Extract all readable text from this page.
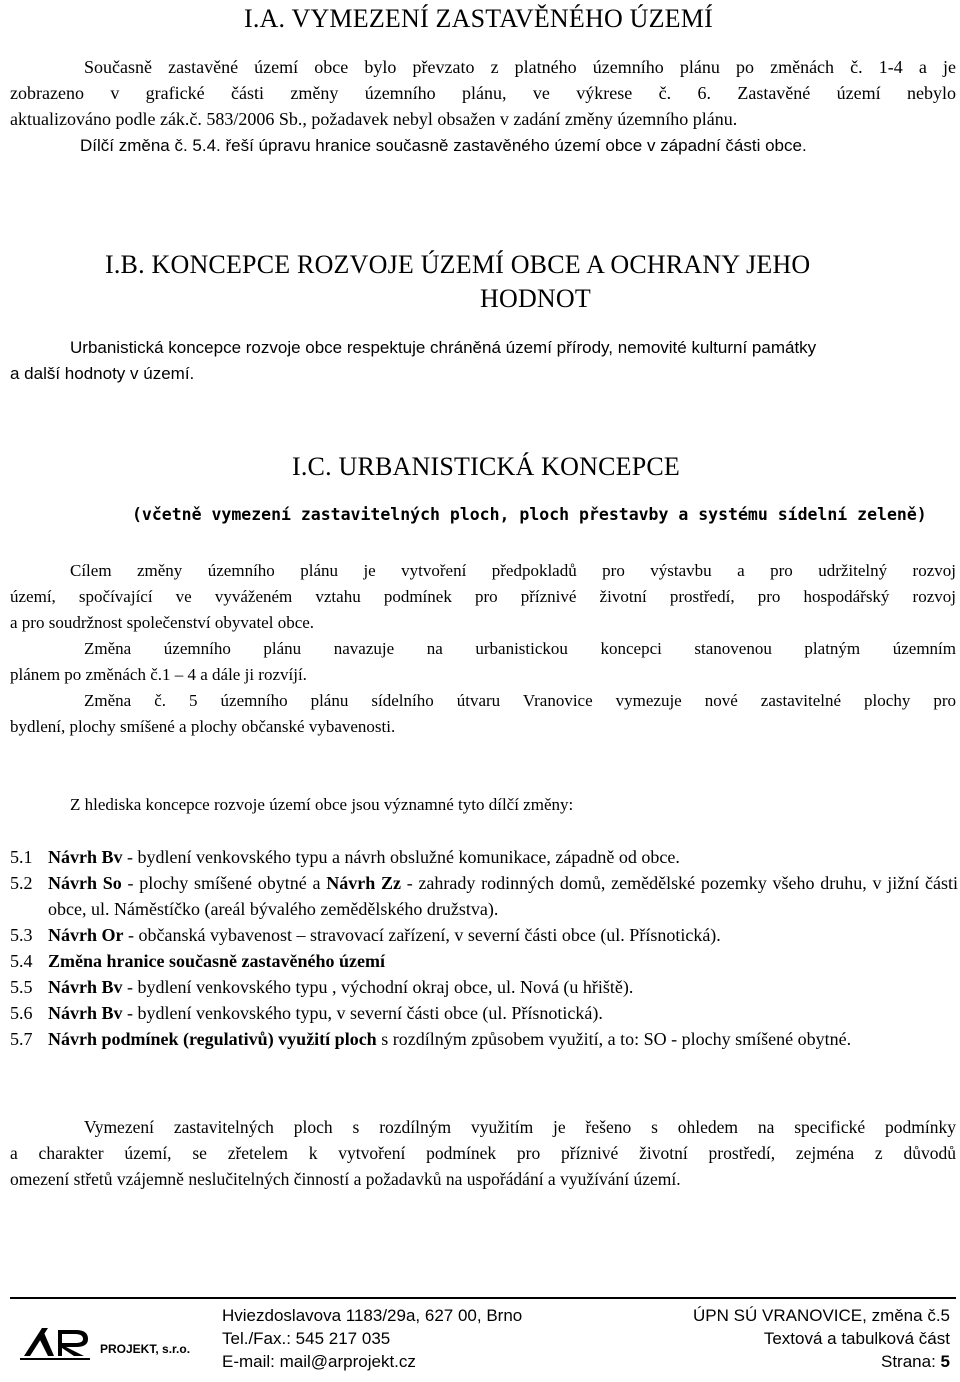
I.A. VYMEZENÍ ZASTAVĚNÉHO ÚZEMÍ
Současně zastavěné území obce bylo převzato z platného územního plánu po změnách č. 1-4 a je
zobrazeno v grafické části změny územního plánu, ve výkrese č. 6. Zastavěné území nebylo
aktualizováno podle zák.č. 583/2006 Sb., požadavek nebyl obsažen v zadání změny územního plánu.
Dílčí změna č. 5.4. řeší úpravu hranice současně zastavěného území obce v západní části obce.
I.B. KONCEPCE ROZVOJE ÚZEMÍ OBCE A OCHRANY JEHO
HODNOT
Urbanistická koncepce rozvoje obce respektuje chráněná území přírody, nemovité kulturní památky
a další hodnoty v území.
I.C. URBANISTICKÁ KONCEPCE
(včetně vymezení zastavitelných ploch, ploch přestavby a systému sídelní zeleně)
Cílem změny územního plánu je vytvoření předpokladů pro výstavbu a pro udržitelný rozvoj
území, spočívající ve vyváženém vztahu podmínek pro příznivé životní prostředí, pro hospodářský rozvoj
a pro soudržnost společenství obyvatel obce.
Změna územního plánu navazuje na urbanistickou koncepci stanovenou platným územním
plánem po změnách č.1 – 4 a dále ji rozvíjí.
Změna č. 5 územního plánu sídelního útvaru Vranovice vymezuje nové zastavitelné plochy pro
bydlení, plochy smíšené a plochy občanské vybavenosti.
Z hlediska koncepce rozvoje území obce jsou významné tyto dílčí změny:
5.1 Návrh Bv - bydlení venkovského typu a návrh obslužné komunikace, západně od obce.
5.2 Návrh So - plochy smíšené obytné a Návrh Zz - zahrady rodinných domů, zemědělské pozemky všeho druhu, v jižní části obce, ul. Náměstíčko (areál bývalého zemědělského družstva).
5.3 Návrh Or - občanská vybavenost – stravovací zařízení, v severní části obce (ul. Přísnotická).
5.4 Změna hranice současně zastavěného území
5.5 Návrh Bv - bydlení venkovského typu , východní okraj obce, ul. Nová (u hřiště).
5.6 Návrh Bv - bydlení venkovského typu, v severní části obce (ul. Přísnotická).
5.7 Návrh podmínek (regulativů) využití ploch s rozdílným způsobem využití, a to: SO - plochy smíšené obytné.
Vymezení zastavitelných ploch s rozdílným využitím je řešeno s ohledem na specifické podmínky
a charakter území, se zřetelem k vytvoření podmínek pro příznivé životní prostředí, zejména z důvodů
omezení střetů vzájemně neslučitelných činností a požadavků na uspořádání a využívání území.
PROJEKT, s.r.o.
Hviezdoslavova 1183/29a, 627 00, Brno
Tel./Fax.: 545 217 035
E-mail: mail@arprojekt.cz
ÚPN SÚ VRANOVICE, změna č.5
Textová a tabulková část
Strana: 5
